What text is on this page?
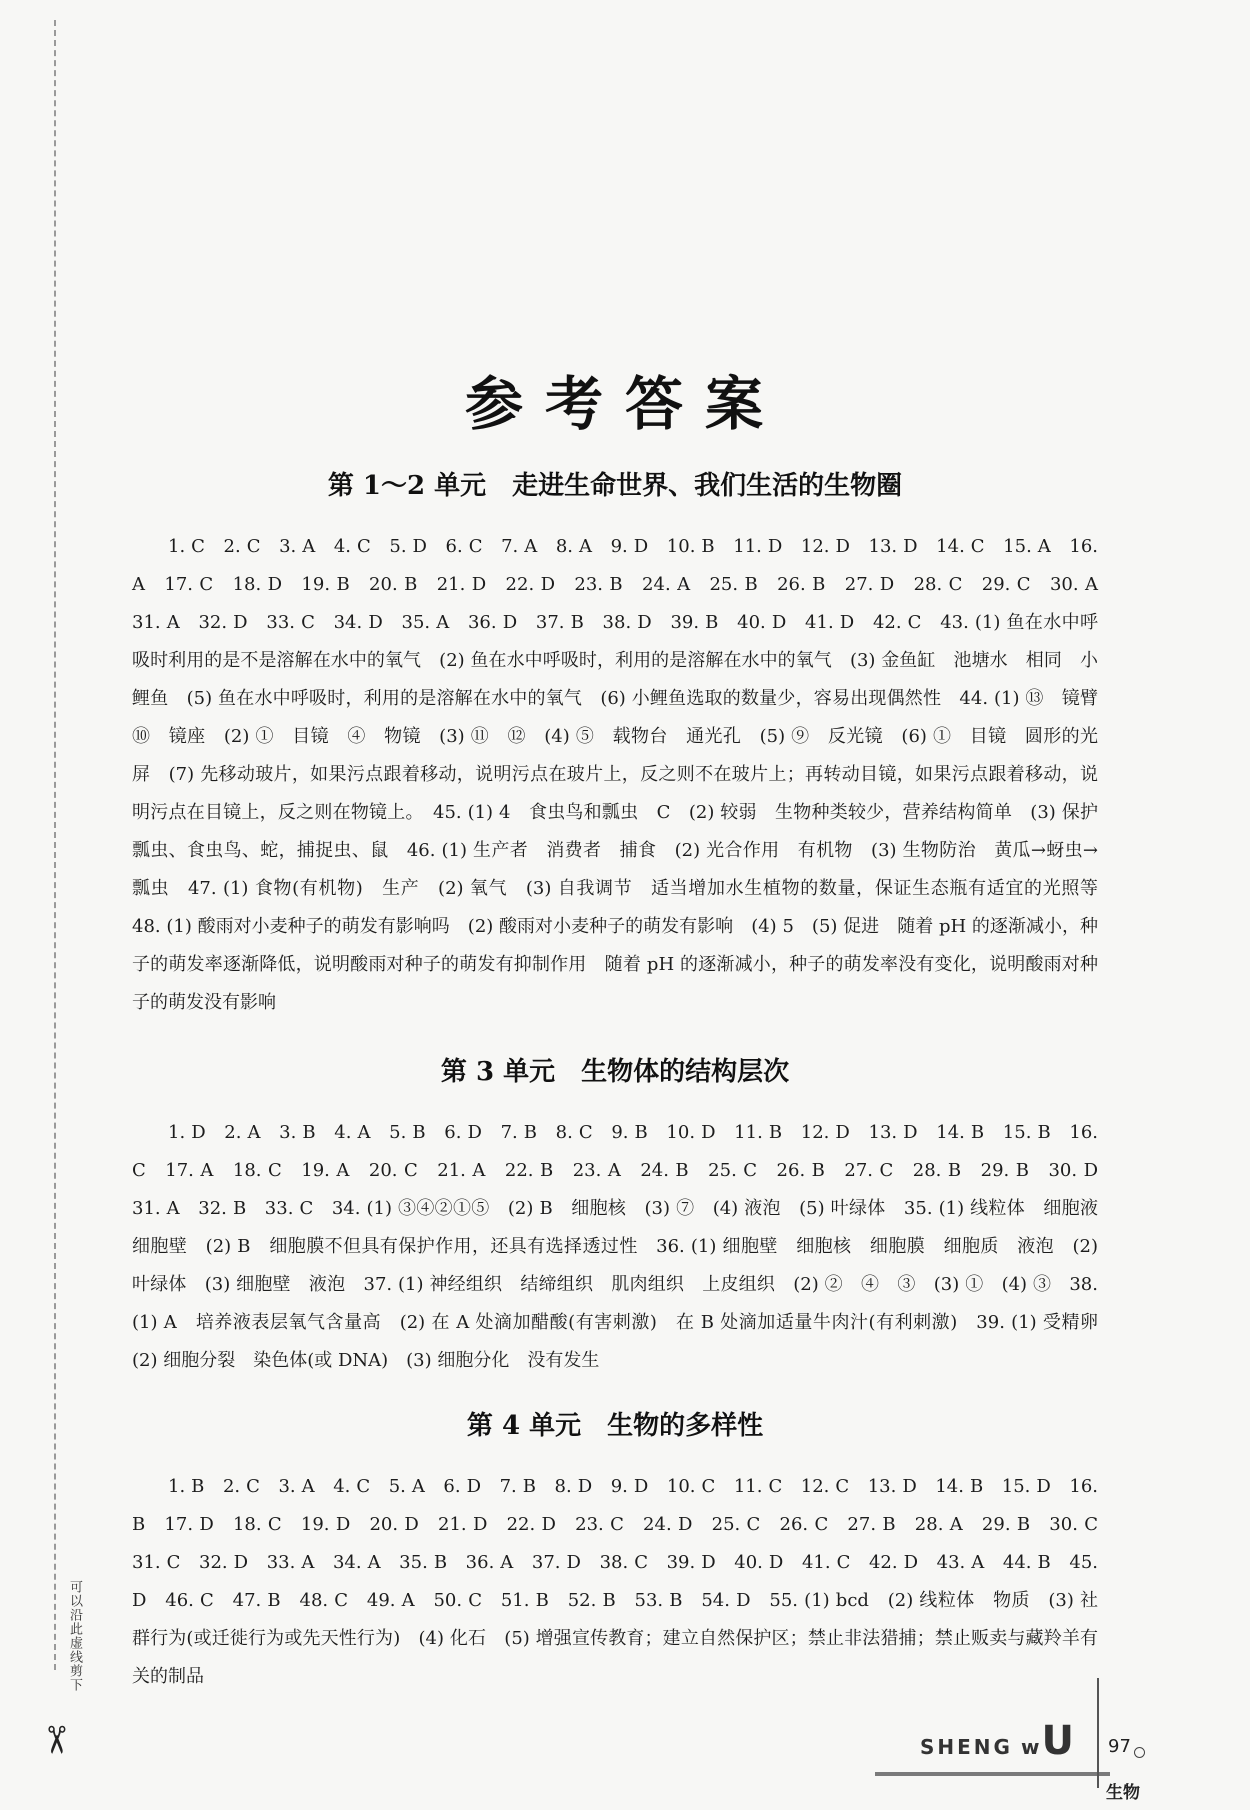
可以沿此虚线剪下
✂
参考答案
第 1～2 单元　走进生命世界、我们生活的生物圈

1. C　2. C　3. A　4. C　5. D　6. C　7. A　8. A　9. D　10. B　11. D　12. D　13. D　14. C　15. A　16. A　17. C　18. D　19. B　20. B　21. D　22. D　23. B　24. A　25. B　26. B　27. D　28. C　29. C　30. A　31. A　32. D　33. C　34. D　35. A　36. D　37. B　38. D　39. B　40. D　41. D　42. C　43. (1) 鱼在水中呼吸时利用的是不是溶解在水中的氧气　(2) 鱼在水中呼吸时，利用的是溶解在水中的氧气　(3) 金鱼缸　池塘水　相同　小鲤鱼　(5) 鱼在水中呼吸时，利用的是溶解在水中的氧气　(6) 小鲤鱼选取的数量少，容易出现偶然性　44. (1) ⑬　镜臂　⑩　镜座　(2) ①　目镜　④　物镜　(3) ⑪　⑫　(4) ⑤　载物台　通光孔　(5) ⑨　反光镜　(6) ①　目镜　圆形的光屏　(7) 先移动玻片，如果污点跟着移动，说明污点在玻片上，反之则不在玻片上；再转动目镜，如果污点跟着移动，说明污点在目镜上，反之则在物镜上。　45. (1) 4　食虫鸟和瓢虫　C　(2) 较弱　生物种类较少，营养结构简单　(3) 保护瓢虫、食虫鸟、蛇，捕捉虫、鼠　46. (1) 生产者　消费者　捕食　(2) 光合作用　有机物　(3) 生物防治　黄瓜→蚜虫→瓢虫　47. (1) 食物(有机物)　生产　(2) 氧气　(3) 自我调节　适当增加水生植物的数量，保证生态瓶有适宜的光照等　48. (1) 酸雨对小麦种子的萌发有影响吗　(2) 酸雨对小麦种子的萌发有影响　(4) 5　(5) 促进　随着 pH 的逐渐减小，种子的萌发率逐渐降低，说明酸雨对种子的萌发有抑制作用　随着 pH 的逐渐减小，种子的萌发率没有变化，说明酸雨对种子的萌发没有影响

第 3 单元　生物体的结构层次

1. D　2. A　3. B　4. A　5. B　6. D　7. B　8. C　9. B　10. D　11. B　12. D　13. D　14. B　15. B　16. C　17. A　18. C　19. A　20. C　21. A　22. B　23. A　24. B　25. C　26. B　27. C　28. B　29. B　30. D　31. A　32. B　33. C　34. (1) ③④②①⑤　(2) B　细胞核　(3) ⑦　(4) 液泡　(5) 叶绿体　35. (1) 线粒体　细胞液　细胞壁　(2) B　细胞膜不但具有保护作用，还具有选择透过性　36. (1) 细胞壁　细胞核　细胞膜　细胞质　液泡　(2) 叶绿体　(3) 细胞壁　液泡　37. (1) 神经组织　结缔组织　肌肉组织　上皮组织　(2) ②　④　③　(3) ①　(4) ③　38. (1) A　培养液表层氧气含量高　(2) 在 A 处滴加醋酸(有害刺激)　在 B 处滴加适量牛肉汁(有利刺激)　39. (1) 受精卵　(2) 细胞分裂　染色体(或 DNA)　(3) 细胞分化　没有发生

第 4 单元　生物的多样性

1. B　2. C　3. A　4. C　5. A　6. D　7. B　8. D　9. D　10. C　11. C　12. C　13. D　14. B　15. D　16. B　17. D　18. C　19. D　20. D　21. D　22. D　23. C　24. D　25. C　26. C　27. B　28. A　29. B　30. C　31. C　32. D　33. A　34. A　35. B　36. A　37. D　38. C　39. D　40. D　41. C　42. D　43. A　44. B　45. D　46. C　47. B　48. C　49. A　50. C　51. B　52. B　53. B　54. D　55. (1) bcd　(2) 线粒体　物质　(3) 社群行为(或迁徙行为或先天性行为)　(4) 化石　(5) 增强宣传教育；建立自然保护区；禁止非法猎捕；禁止贩卖与藏羚羊有关的制品

SHENG wU 97
生物
